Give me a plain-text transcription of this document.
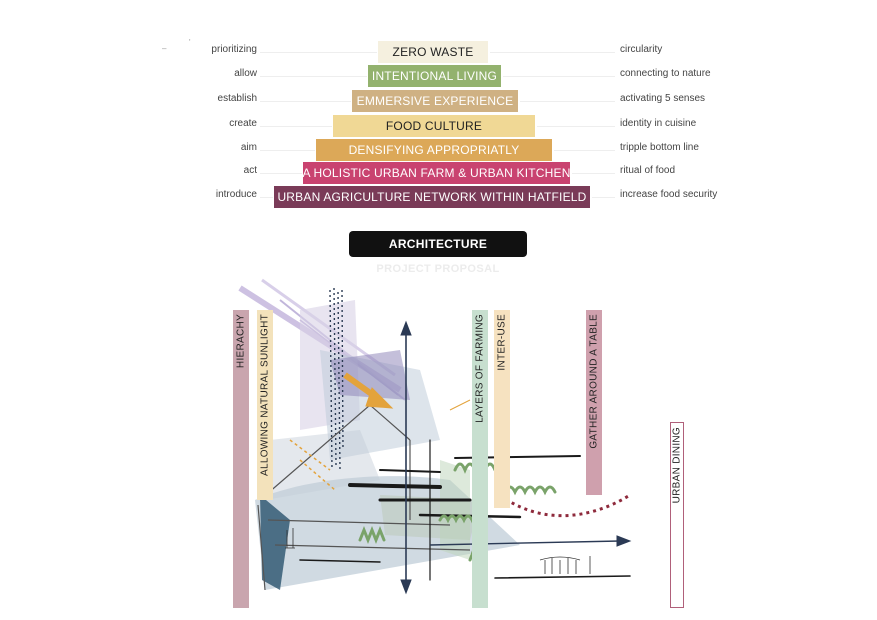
prioritizing	ZERO WASTE	circularity
allow	INTENTIONAL LIVING	connecting to nature
establish	EMMERSIVE EXPERIENCE	activating 5 senses
create	FOOD CULTURE	identity in cuisine
aim	DENSIFYING APPROPRIATLY	tripple bottom line
act	A HOLISTIC URBAN FARM & URBAN KITCHEN	ritual of food
introduce URBAN AGRICULTURE NETWORK WITHIN HATFIELD	increase food security
–
'
ARCHITECTURE
PROJECT PROPOSAL
HIERACHY ALLOWING NATURAL SUNLIGHT	LAYERS OF FARMING INTER-USE	GATHER AROUND A TABLE
URBAN DINING
